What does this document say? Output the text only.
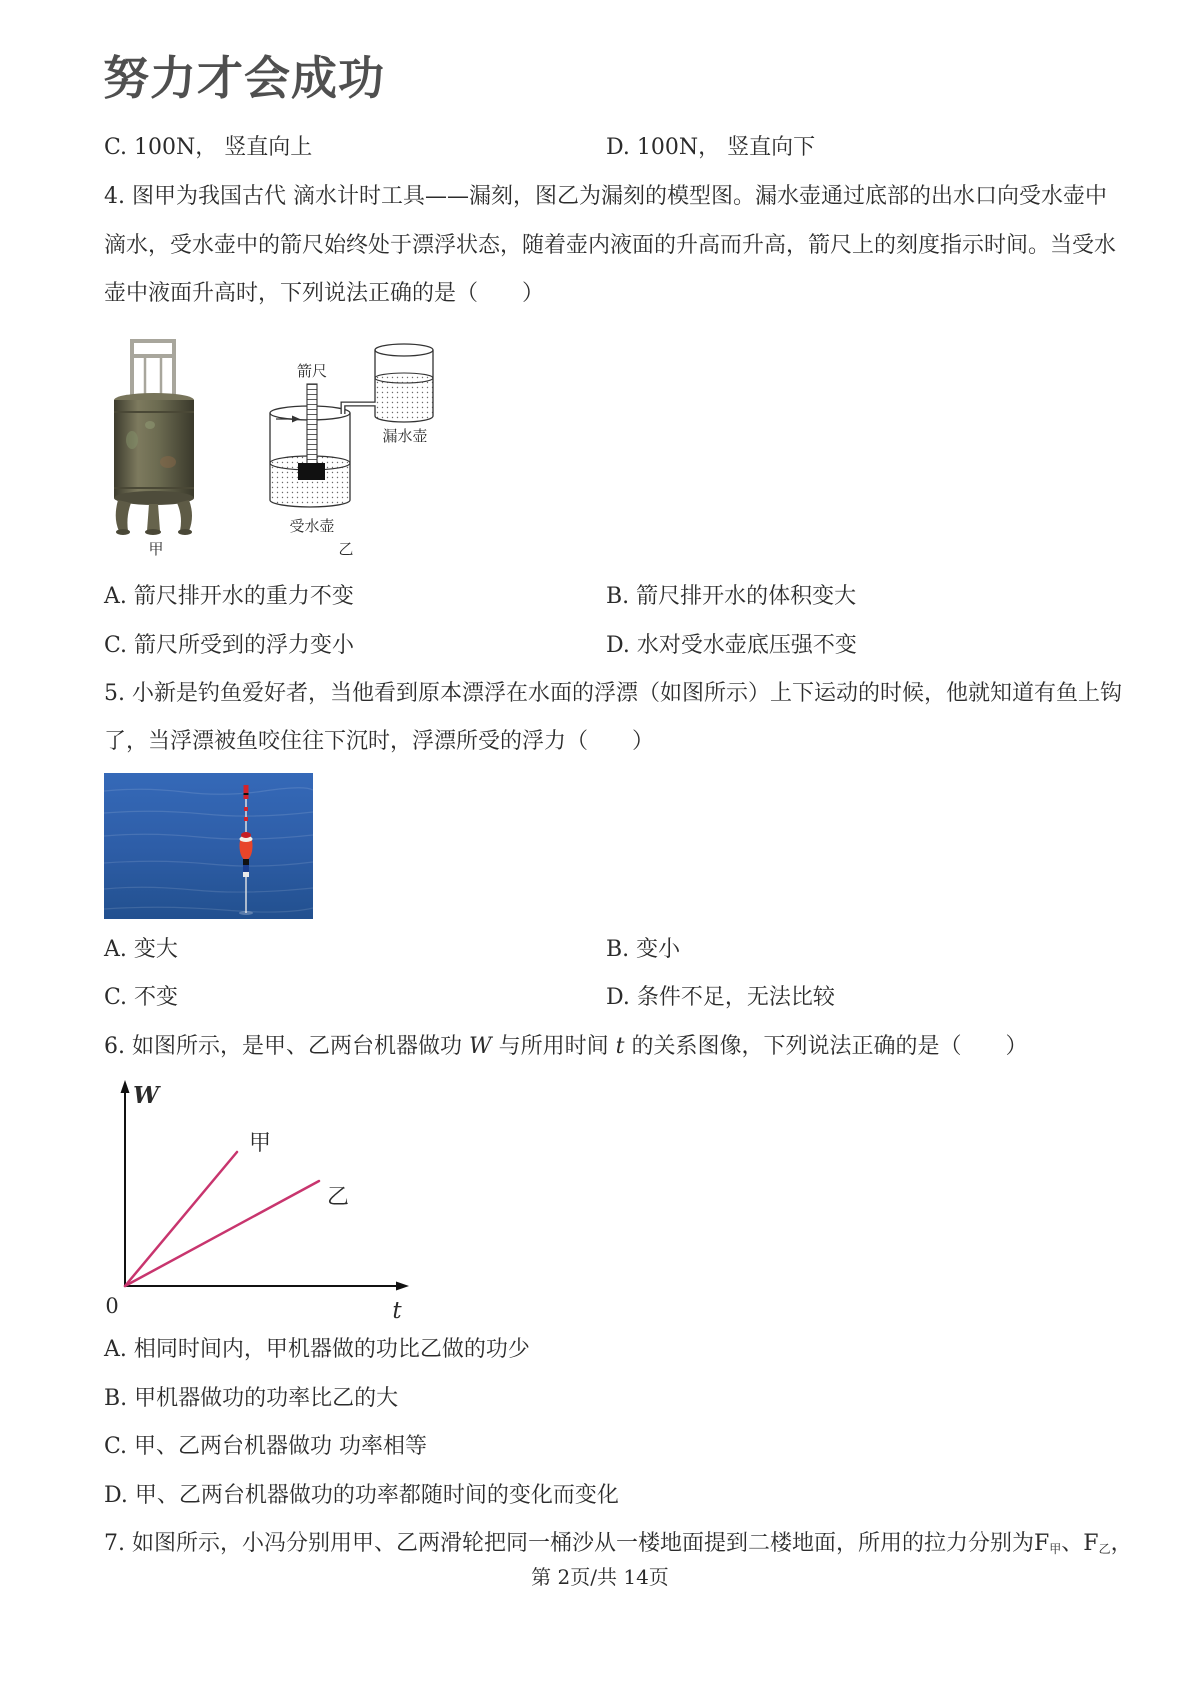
努力才会成功
C. 100N， 竖直向上	D. 100N， 竖直向下
4. 图甲为我国古代 滴水计时工具——漏刻，图乙为漏刻的模型图。漏水壶通过底部的出水口向受水壶中
滴水，受水壶中的箭尺始终处于漂浮状态，随着壶内液面的升高而升高，箭尺上的刻度指示时间。当受水
壶中液面升高时，下列说法正确的是（　　）
甲
箭尺
漏水壶
受水壶
乙
A. 箭尺排开水的重力不变	B. 箭尺排开水的体积变大
C. 箭尺所受到的浮力变小	D. 水对受水壶底压强不变
5. 小新是钓鱼爱好者，当他看到原本漂浮在水面的浮漂（如图所示）上下运动的时候，他就知道有鱼上钩
了，当浮漂被鱼咬住往下沉时，浮漂所受的浮力（　　）
A. 变大	B. 变小
C. 不变	D. 条件不足，无法比较
6. 如图所示，是甲、乙两台机器做功 W 与所用时间 t 的关系图像，下列说法正确的是（　　）
W
甲
乙
0	t
A. 相同时间内，甲机器做的功比乙做的功少
B. 甲机器做功的功率比乙的大
C. 甲、乙两台机器做功 功率相等
D. 甲、乙两台机器做功的功率都随时间的变化而变化
7. 如图所示，小冯分别用甲、乙两滑轮把同一桶沙从一楼地面提到二楼地面，所用的拉力分别为$F_甲$、$F_乙$，
第 2页/共 14页
